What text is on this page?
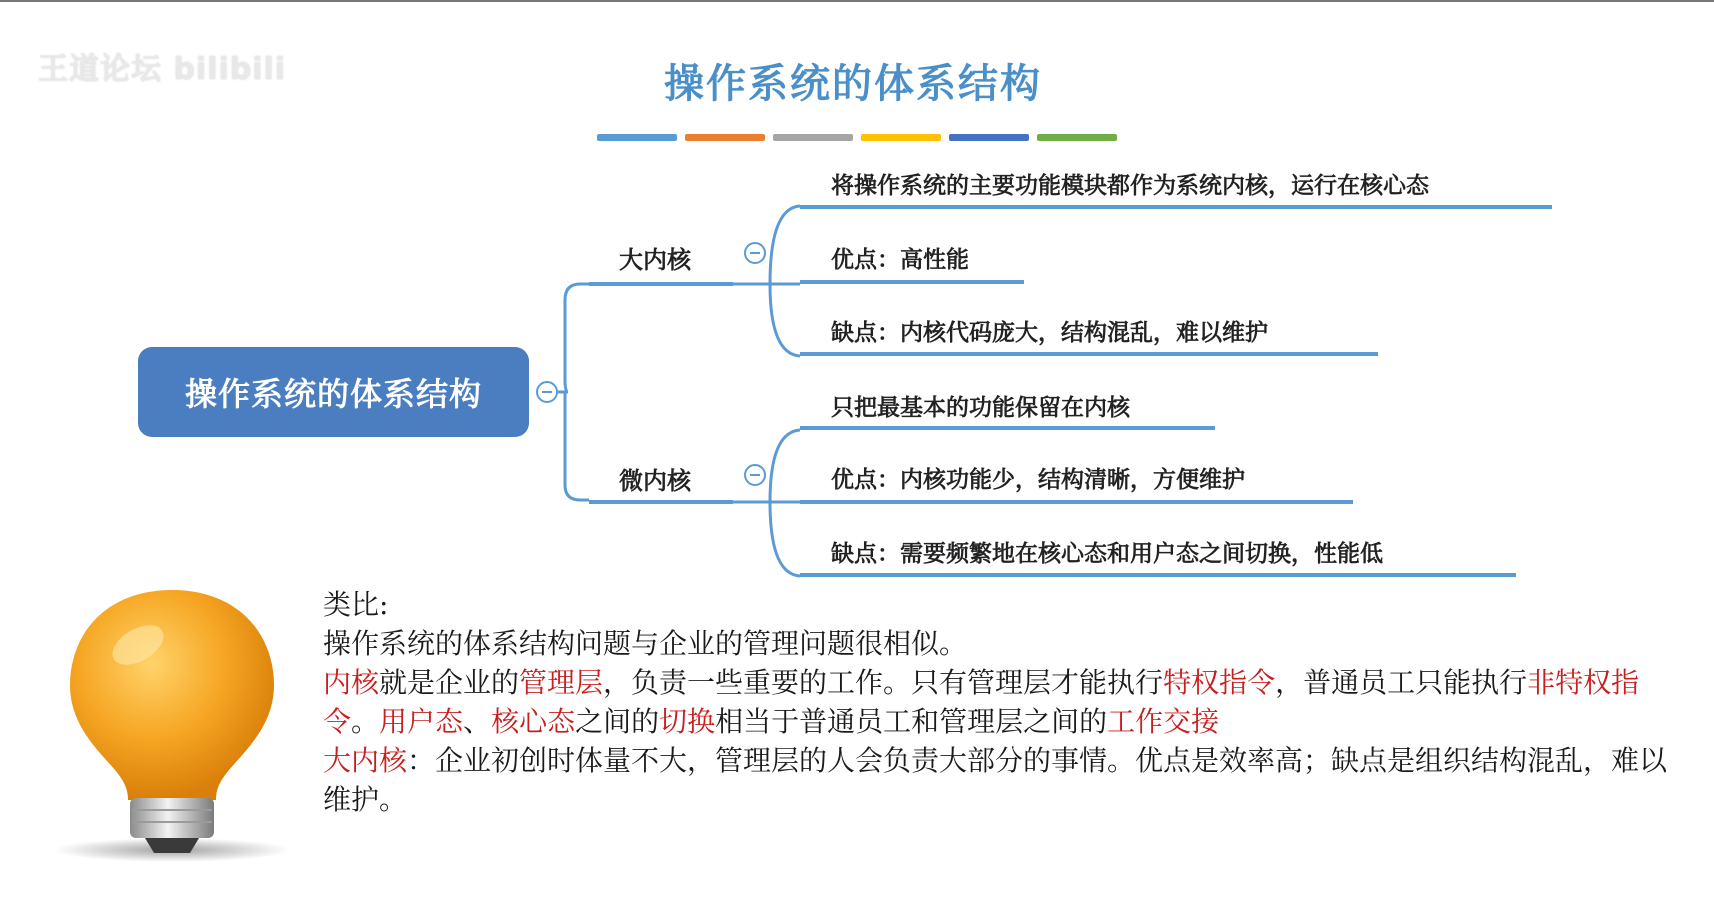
王道论坛 bilibili	操作系统的体系结构
操作系统的体系结构
大内核
微内核
将操作系统的主要功能模块都作为系统内核，运行在核心态
优点：高性能
缺点：内核代码庞大，结构混乱，难以维护
只把最基本的功能保留在内核
优点：内核功能少，结构清晰，方便维护
缺点：需要频繁地在核心态和用户态之间切换，性能低

类比:

操作系统的体系结构问题与企业的管理问题很相似。

内核就是企业的管理层，负责一些重要的工作。只有管理层才能执行特权指令，普通员工只能执行非特权指令。用户态、核心态之间的切换相当于普通员工和管理层之间的工作交接

大内核：企业初创时体量不大，管理层的人会负责大部分的事情。优点是效率高；缺点是组织结构混乱，难以维护。
